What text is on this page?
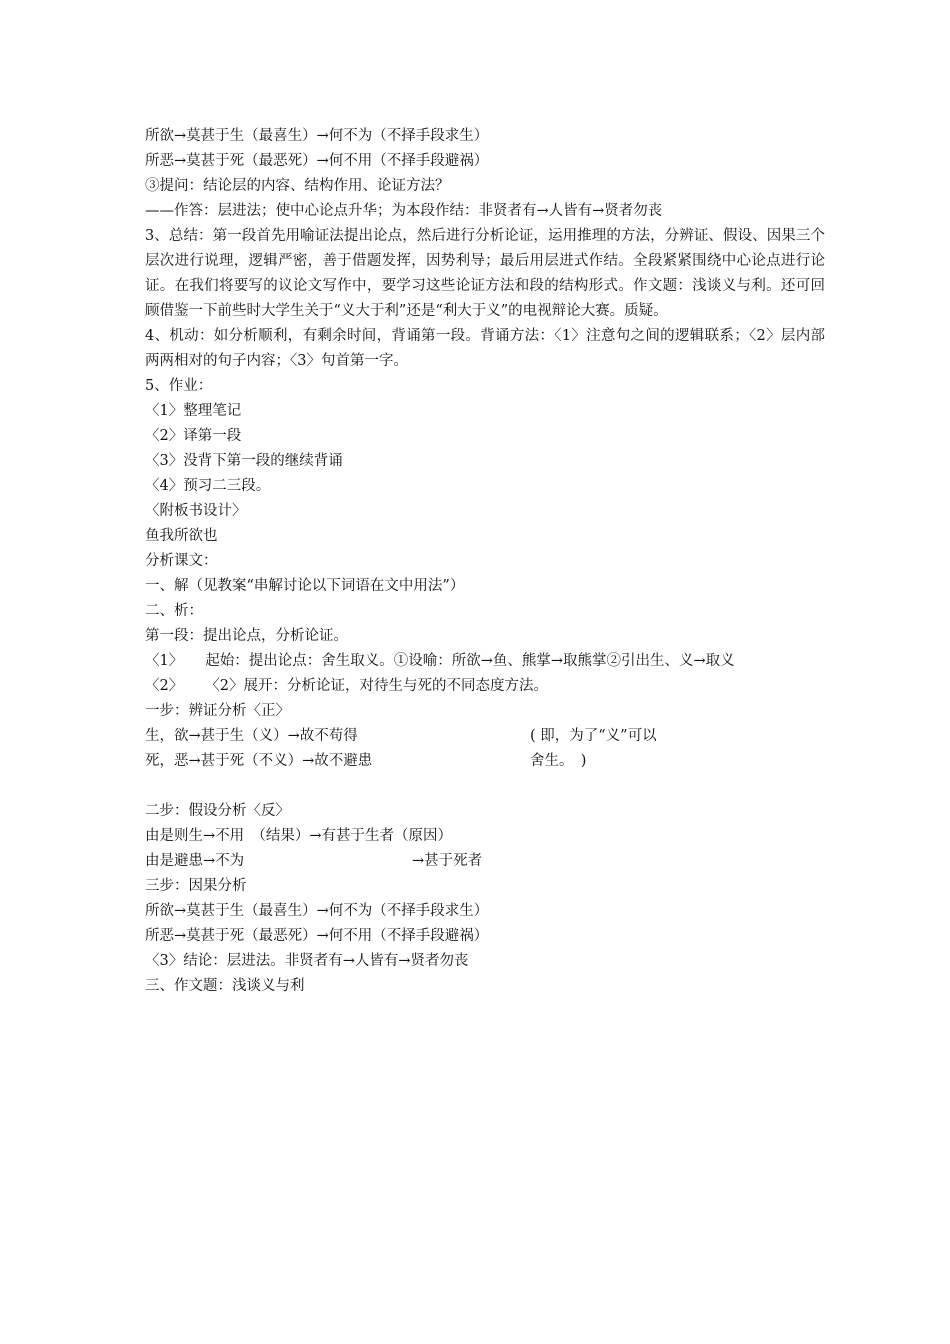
所欲→莫甚于生（最喜生）→何不为（不择手段求生）
所恶→莫甚于死（最恶死）→何不用（不择手段避祸）
③提问：结论层的内容、结构作用、论证方法？
——作答：层进法；使中心论点升华；为本段作结：非贤者有→人皆有→贤者勿丧
3、总结：第一段首先用喻证法提出论点，然后进行分析论证，运用推理的方法，分辨证、假设、因果三个层次进行说理，逻辑严密，善于借题发挥，因势利导；最后用层进式作结。全段紧紧围绕中心论点进行论证。在我们将要写的议论文写作中，要学习这些论证方法和段的结构形式。作文题：浅谈义与利。还可回顾借鉴一下前些时大学生关于“义大于利”还是“利大于义”的电视辩论大赛。质疑。
4、机动：如分析顺利，有剩余时间，背诵第一段。背诵方法：〈1〉注意句之间的逻辑联系；〈2〉层内部两两相对的句子内容；〈3〉句首第一字。
5、作业：
〈1〉整理笔记
〈2〉译第一段
〈3〉没背下第一段的继续背诵
〈4〉预习二三段。
〈附板书设计〉
鱼我所欲也
分析课文：
一、解（见教案“串解讨论以下词语在文中用法”）
二、析：
第一段：提出论点，分析论证。
〈1〉 起始：提出论点：舍生取义。①设喻：所欲→鱼、熊掌→取熊掌②引出生、义→取义
〈2〉 〈2〉展开：分析论证，对待生与死的不同态度方法。
一步：辨证分析〈正〉
生，欲→甚于生（义）→故不苟得	( 即，为了“义”可以
死，恶→甚于死（不义）→故不避患	舍生。　)
二步：假设分析〈反〉
由是则生→不用　（结果）→有甚于生者（原因）
由是避患→不为	→甚于死者
三步：因果分析
所欲→莫甚于生（最喜生）→何不为（不择手段求生）
所恶→莫甚于死（最恶死）→何不用（不择手段避祸）
〈3〉结论：层进法。非贤者有→人皆有→贤者勿丧
三、作文题：浅谈义与利
